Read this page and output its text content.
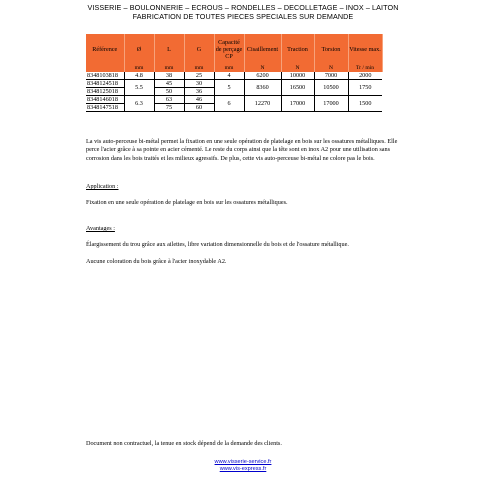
VISSERIE – BOULONNERIE – ECROUS – RONDELLES – DECOLLETAGE – INOX – LAITON
FABRICATION DE TOUTES PIECES SPECIALES SUR DEMANDE
Référence	Ø	L	G	Capacité de perçage CP	Cisaillement	Traction	Torsion	Vitesse max.
	mm	mm	mm	mm	N	N	N	Tr / min
8348103818	4.8	38	25	4	6200	10000	7000	2000
8348124518	5.5	45	30	5	8360	16500	10500	1750
8348125018		50	36					
8348146018	6.3	63	46	6	12270	17000	17000	1500
8348147518		75	60					

La vis auto-perceuse bi-métal permet la fixation en une seule opération de platelage en bois sur les ossatures métalliques. Elle perce l'acier grâce à sa pointe en acier cémenté. Le reste du corps ainsi que la tête sont en inox A2 pour une utilisation sans corrosion dans les bois traités et les milieux agressifs. De plus, cette vis auto-perceuse bi-métal ne colore pas le bois.

Application :

Fixation en une seule opération de platelage en bois sur les ossatures métalliques.

Avantages :

Élargissement du trou grâce aux ailettes, libre variation dimensionnelle du bois et de l'ossature métallique.

Aucune coloration du bois grâce à l'acier inoxydable A2.

Document non contractuel, la tenue en stock dépend de la demande des clients.
www.visserie-service.fr
www.vis-express.fr
